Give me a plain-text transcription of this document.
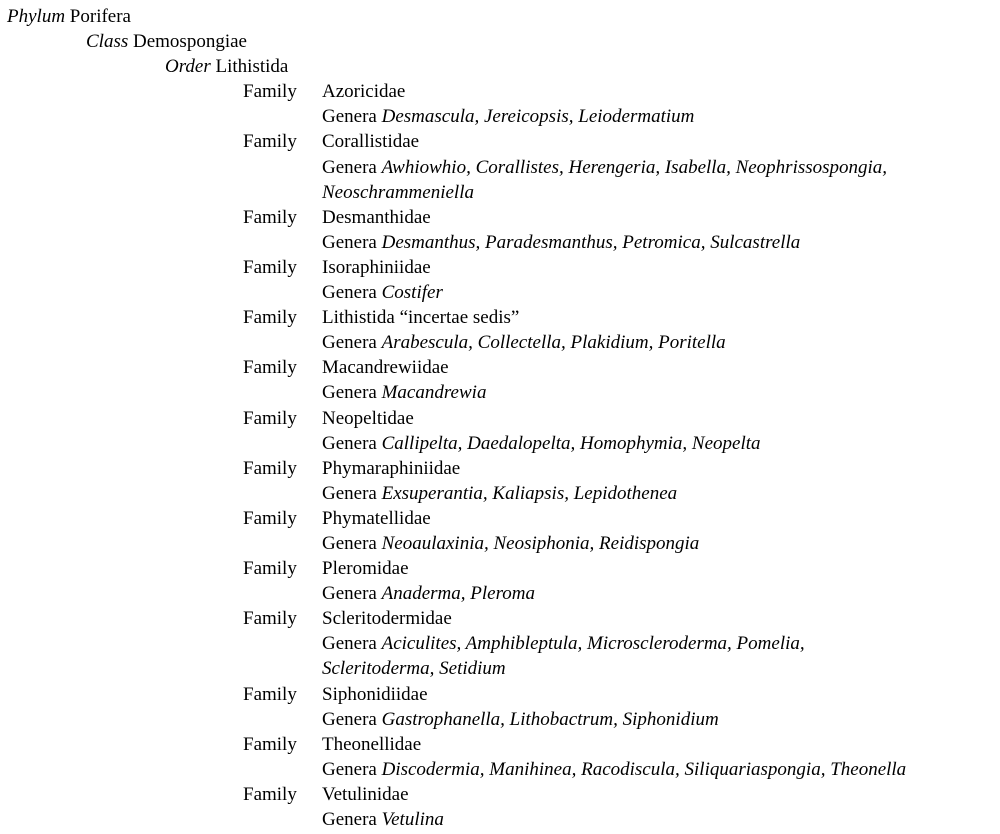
Phylum Porifera
Class Demospongiae
Order Lithistida
Family Azoricidae
Genera Desmascula, Jereicopsis, Leiodermatium
Family Corallistidae
Genera Awhiowhio, Corallistes, Herengeria, Isabella, Neophrissospongia,
Neoschrammeniella
Family Desmanthidae
Genera Desmanthus, Paradesmanthus, Petromica, Sulcastrella
Family Isoraphiniidae
Genera Costifer
Family Lithistida “incertae sedis”
Genera Arabescula, Collectella, Plakidium, Poritella
Family Macandrewiidae
Genera Macandrewia
Family Neopeltidae
Genera Callipelta, Daedalopelta, Homophymia, Neopelta
Family Phymaraphiniidae
Genera Exsuperantia, Kaliapsis, Lepidothenea
Family Phymatellidae
Genera Neoaulaxinia, Neosiphonia, Reidispongia
Family Pleromidae
Genera Anaderma, Pleroma
Family Scleritodermidae
Genera Aciculites, Amphibleptula, Microscleroderma, Pomelia,
Scleritoderma, Setidium
Family Siphonidiidae
Genera Gastrophanella, Lithobactrum, Siphonidium
Family Theonellidae
Genera Discodermia, Manihinea, Racodiscula, Siliquariaspongia, Theonella
Family Vetulinidae
Genera Vetulina
